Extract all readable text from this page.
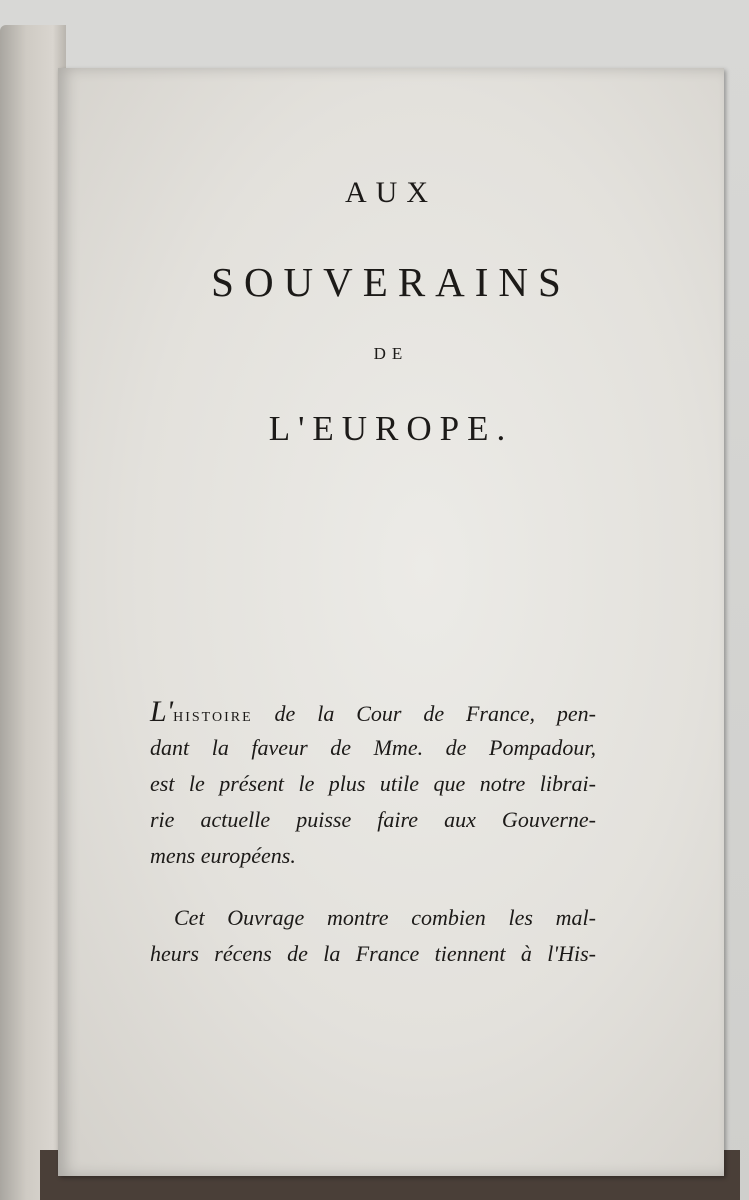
AUX
SOUVERAINS
DE
L'EUROPE.
L'HISTOIRE de la Cour de France, pen-
dant la faveur de Mme. de Pompadour,
est le présent le plus utile que notre librai-
rie actuelle puisse faire aux Gouverne-
mens européens.
Cet Ouvrage montre combien les mal-
heurs récens de la France tiennent à l'His-
